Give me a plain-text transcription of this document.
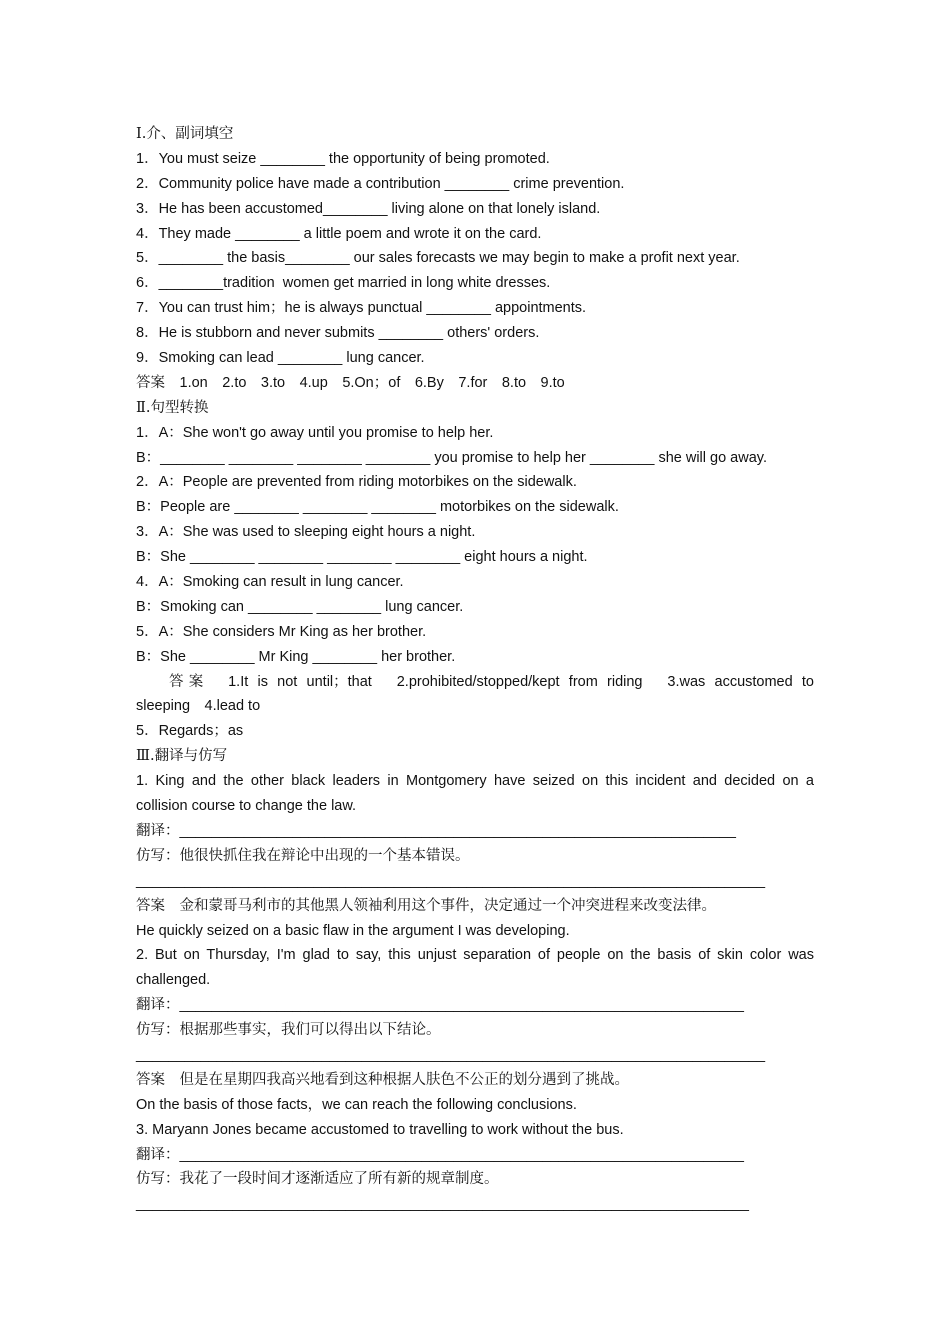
Ⅰ.介、副词填空
1．You must seize ________ the opportunity of being promoted.
2．Community police have made a contribution ________ crime prevention.
3．He has been accustomed________ living alone on that lonely island.
4．They made ________ a little poem and wrote it on the card.
5．________ the basis________ our sales forecasts we may begin to make a profit next year.
6．________tradition  women get married in long white dresses.
7．You can trust him；he is always punctual ________ appointments.
8．He is stubborn and never submits ________ others' orders.
9．Smoking can lead ________ lung cancer.
答案　1.on　2.to　3.to　4.up　5.On；of　6.By　7.for　8.to　9.to
Ⅱ.句型转换
1．A：She won't go away until you promise to help her.
B：________ ________ ________ ________ you promise to help her ________ she will go away.
2．A：People are prevented from riding motorbikes on the sidewalk.
B：People are ________ ________ ________ motorbikes on the sidewalk.
3．A：She was used to sleeping eight hours a night.
B：She ________ ________ ________ ________ eight hours a night.
4．A：Smoking can result in lung cancer.
B：Smoking can ________ ________ lung cancer.
5．A：She considers Mr King as her brother.
B：She ________ Mr King ________ her brother.
答案　1.It is not until；that　2.prohibited/stopped/kept from riding　3.was accustomed to
sleeping　4.lead to
5．Regards；as
Ⅲ.翻译与仿写
1. King and the other black leaders in Montgomery have seized on this incident and decided on a
collision course to change the law.
翻译：_____________________________________________________________________
仿写：他很快抓住我在辩论中出现的一个基本错误。
______________________________________________________________________________
答案　金和蒙哥马利市的其他黑人领袖利用这个事件，决定通过一个冲突进程来改变法律。
He quickly seized on a basic flaw in the argument I was developing.
2. But on Thursday, I'm glad to say, this unjust separation of people on the basis of skin color was
challenged.
翻译：______________________________________________________________________
仿写：根据那些事实，我们可以得出以下结论。
______________________________________________________________________________
答案　但是在星期四我高兴地看到这种根据人肤色不公正的划分遇到了挑战。
On the basis of those facts，we can reach the following conclusions.
3. Maryann Jones became accustomed to travelling to work without the bus.
翻译：______________________________________________________________________
仿写：我花了一段时间才逐渐适应了所有新的规章制度。
____________________________________________________________________________
